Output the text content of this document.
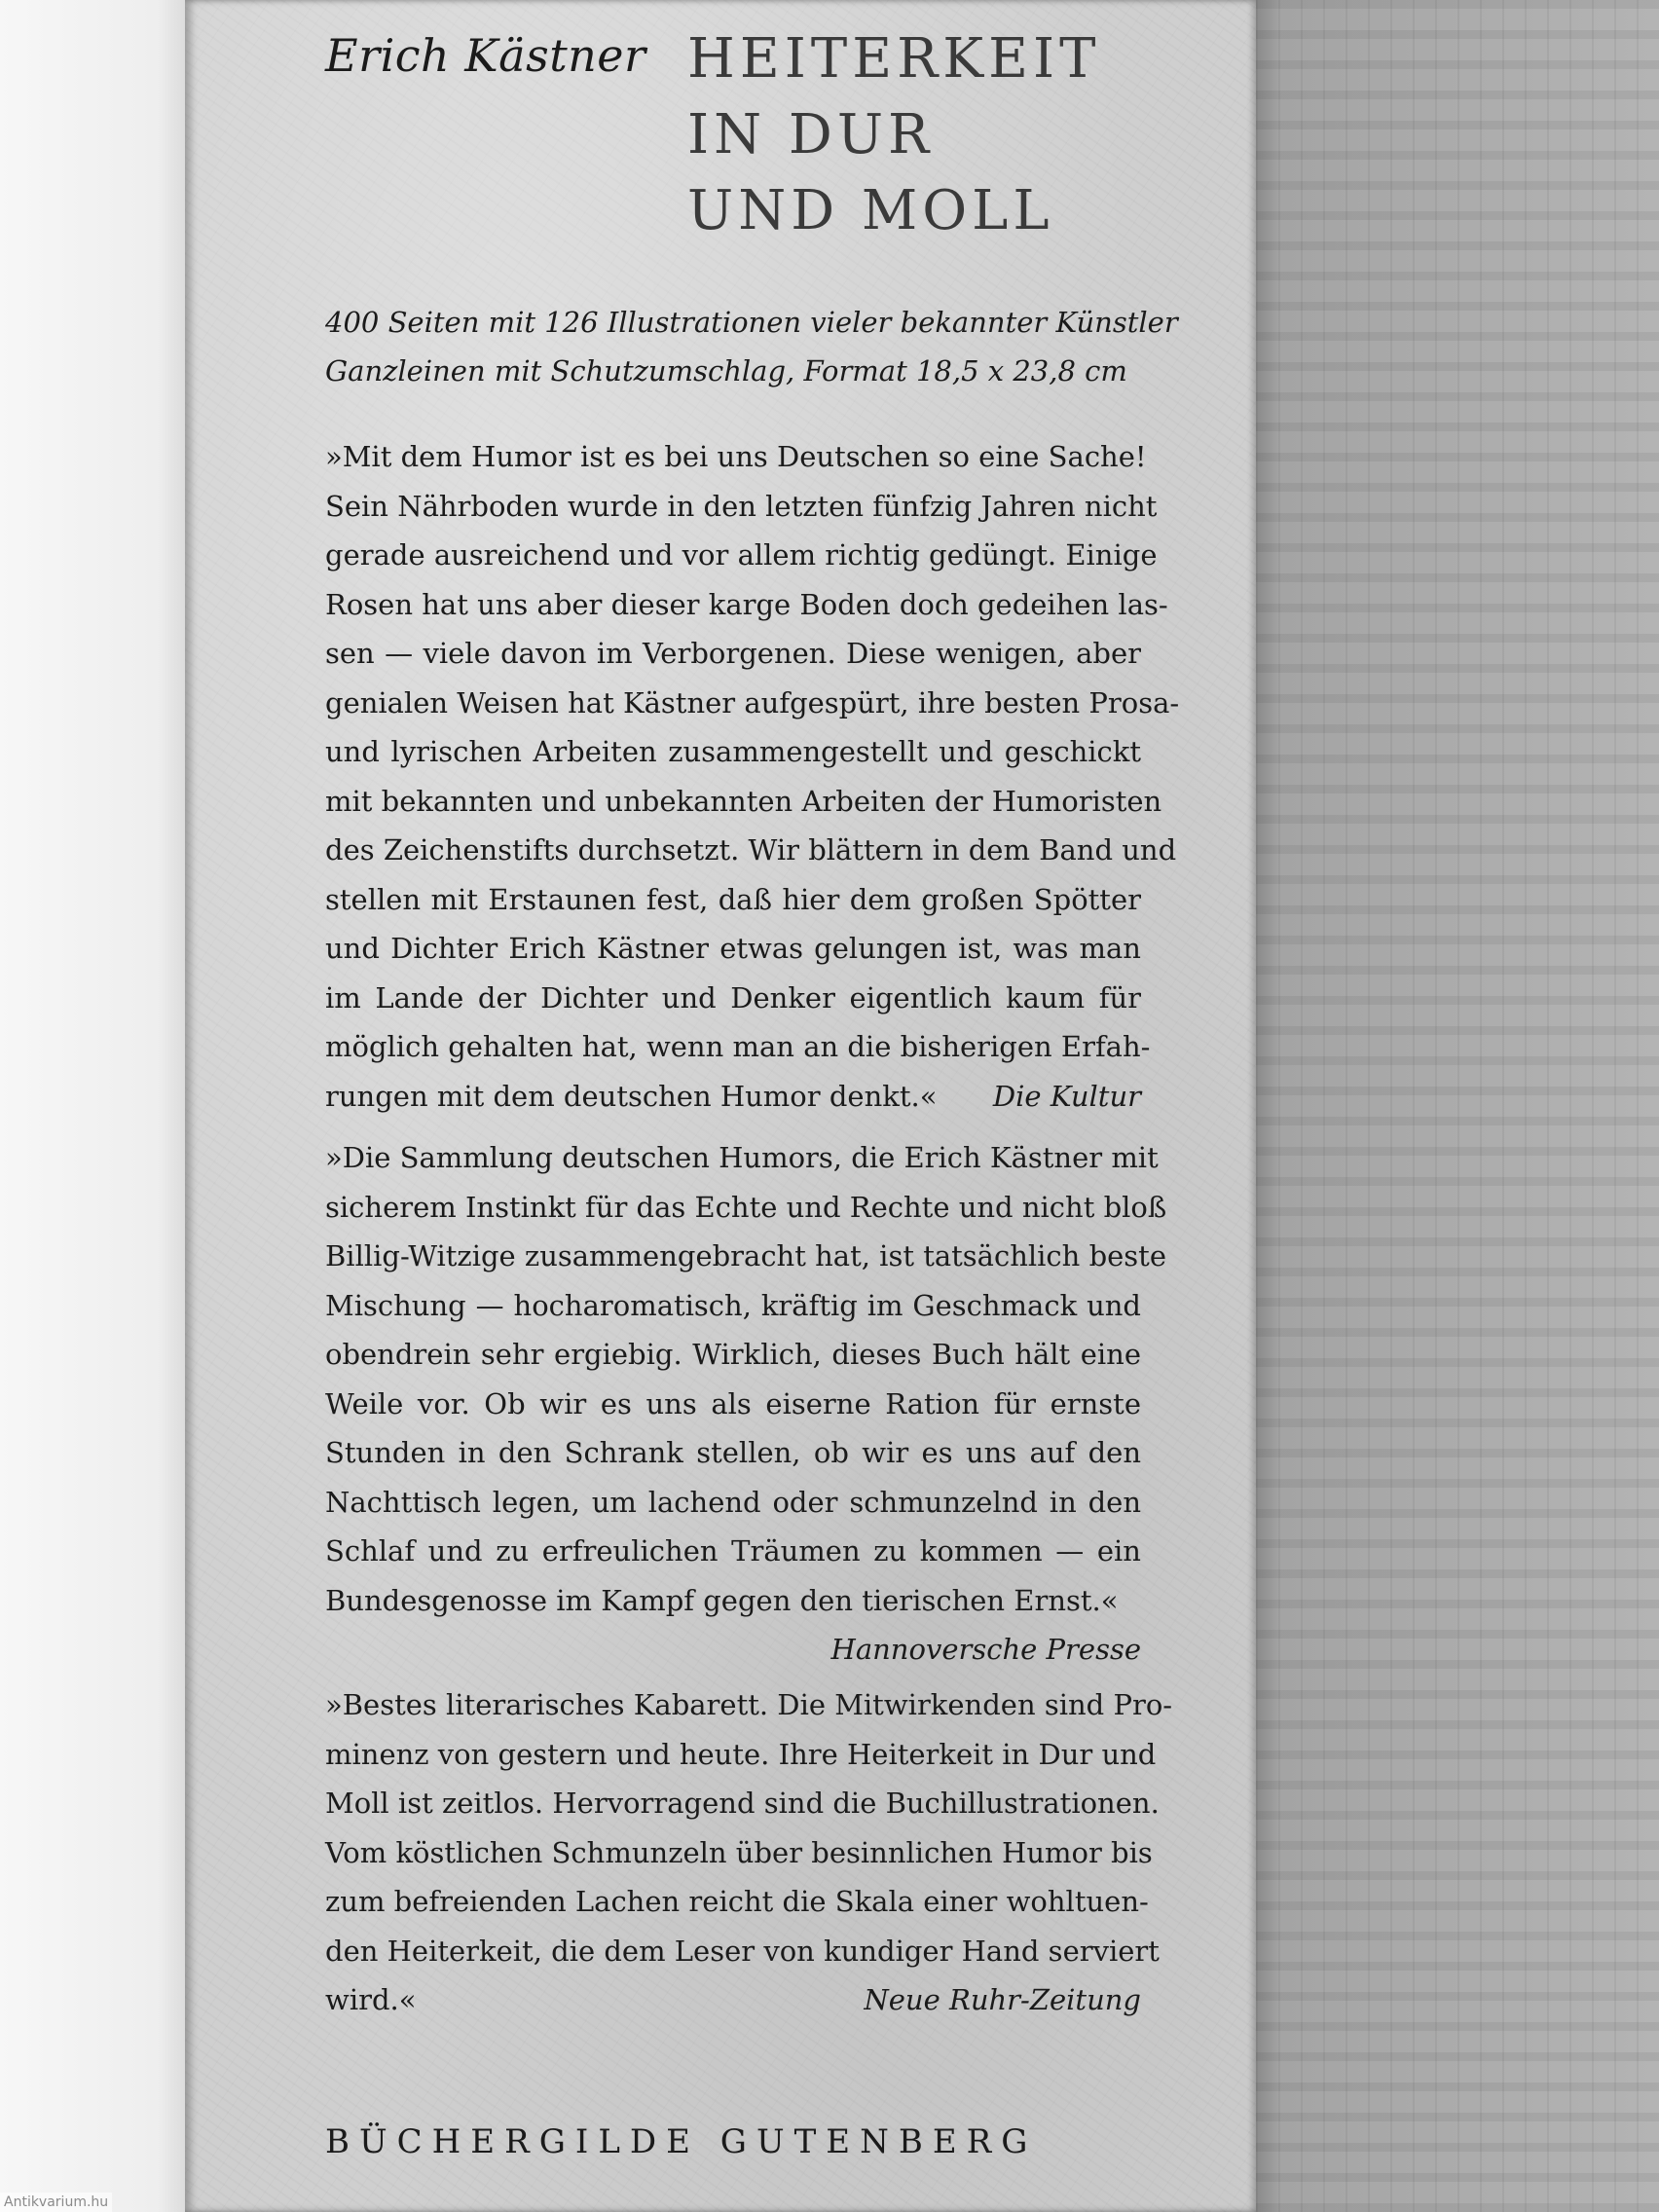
Erich Kästner HEITERKEIT
IN DUR
UND MOLL
400 Seiten mit 126 Illustrationen vieler bekannter Künstler
Ganzleinen mit Schutzumschlag, Format 18,5 x 23,8 cm
»Mit dem Humor ist es bei uns Deutschen so eine Sache!
Sein Nährboden wurde in den letzten fünfzig Jahren nicht
gerade ausreichend und vor allem richtig gedüngt. Einige
Rosen hat uns aber dieser karge Boden doch gedeihen las-
sen — viele davon im Verborgenen. Diese wenigen, aber
genialen Weisen hat Kästner aufgespürt, ihre besten Prosa-
und lyrischen Arbeiten zusammengestellt und geschickt
mit bekannten und unbekannten Arbeiten der Humoristen
des Zeichenstifts durchsetzt. Wir blättern in dem Band und
stellen mit Erstaunen fest, daß hier dem großen Spötter
und Dichter Erich Kästner etwas gelungen ist, was man
im Lande der Dichter und Denker eigentlich kaum für
möglich gehalten hat, wenn man an die bisherigen Erfah-
rungen mit dem deutschen Humor denkt.« Die Kultur
»Die Sammlung deutschen Humors, die Erich Kästner mit
sicherem Instinkt für das Echte und Rechte und nicht bloß
Billig-Witzige zusammengebracht hat, ist tatsächlich beste
Mischung — hocharomatisch, kräftig im Geschmack und
obendrein sehr ergiebig. Wirklich, dieses Buch hält eine
Weile vor. Ob wir es uns als eiserne Ration für ernste
Stunden in den Schrank stellen, ob wir es uns auf den
Nachttisch legen, um lachend oder schmunzelnd in den
Schlaf und zu erfreulichen Träumen zu kommen — ein
Bundesgenosse im Kampf gegen den tierischen Ernst.«
Hannoversche Presse
»Bestes literarisches Kabarett. Die Mitwirkenden sind Pro-
minenz von gestern und heute. Ihre Heiterkeit in Dur und
Moll ist zeitlos. Hervorragend sind die Buchillustrationen.
Vom köstlichen Schmunzeln über besinnlichen Humor bis
zum befreienden Lachen reicht die Skala einer wohltuen-
den Heiterkeit, die dem Leser von kundiger Hand serviert
wird.«	Neue Ruhr-Zeitung
BÜCHERGILDE GUTENBERG
Antikvarium.hu
